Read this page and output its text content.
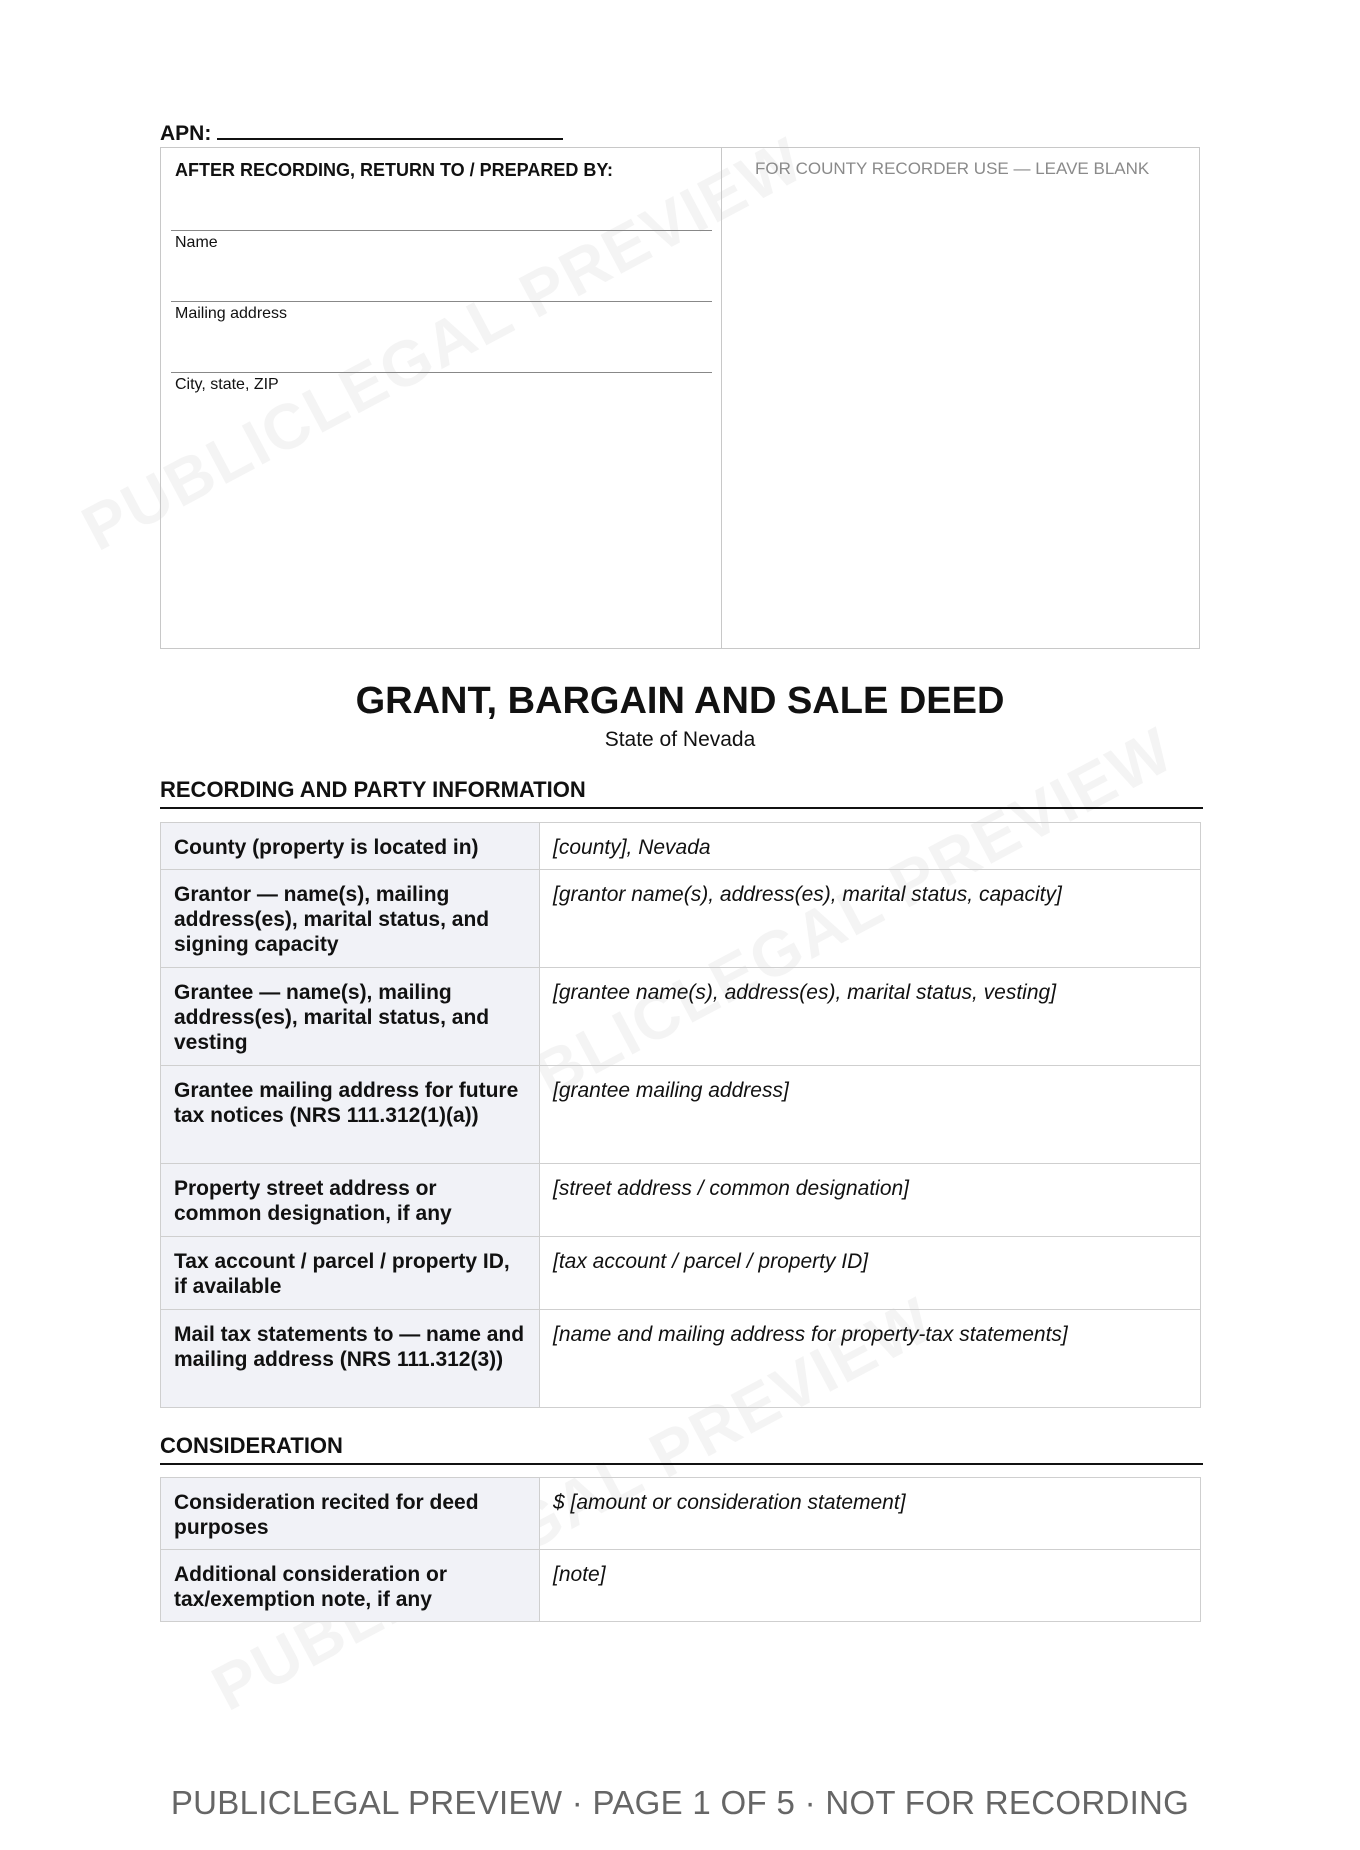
APN:
AFTER RECORDING, RETURN TO / PREPARED BY:
Name
Mailing address
City, state, ZIP
FOR COUNTY RECORDER USE — LEAVE BLANK
GRANT, BARGAIN AND SALE DEED
State of Nevada
RECORDING AND PARTY INFORMATION
County (property is located in)	[county], Nevada
Grantor — name(s), mailing address(es), marital status, and signing capacity	[grantor name(s), address(es), marital status, capacity]
Grantee — name(s), mailing address(es), marital status, and vesting	[grantee name(s), address(es), marital status, vesting]
Grantee mailing address for future tax notices (NRS 111.312(1)(a))	[grantee mailing address]
Property street address or common designation, if any	[street address / common designation]
Tax account / parcel / property ID, if available	[tax account / parcel / property ID]
Mail tax statements to — name and mailing address (NRS 111.312(3))	[name and mailing address for property-tax statements]
CONSIDERATION
Consideration recited for deed purposes	$ [amount or consideration statement]
Additional consideration or tax/exemption note, if any	[note]
PUBLICLEGAL PREVIEW · PAGE 1 OF 5 · NOT FOR RECORDING
